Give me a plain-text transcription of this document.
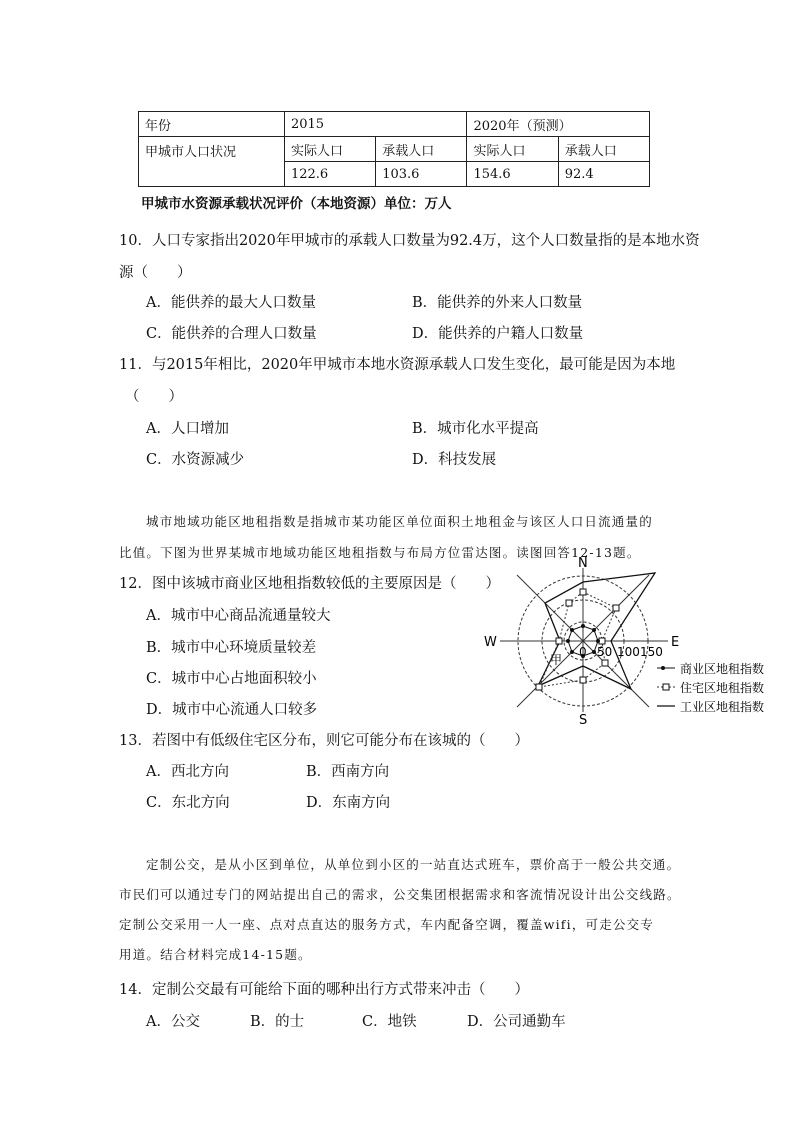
年份	2015		2020年（预测）	
甲城市人口状况	实际人口	承载人口	实际人口	承载人口
	122.6	103.6	154.6	92.4
甲城市水资源承载状况评价（本地资源）单位：万人
10．人口专家指出2020年甲城市的承载人口数量为92.4万，这个人口数量指的是本地水资
源（　　）
A．能供养的最大人口数量	B．能供养的外来人口数量
C．能供养的合理人口数量	D．能供养的户籍人口数量
11．与2015年相比，2020年甲城市本地水资源承载人口发生变化，最可能是因为本地
（　　）
A．人口增加	B．城市化水平提高
C．水资源减少	D．科技发展
城市地域功能区地租指数是指城市某功能区单位面积土地租金与该区人口日流通量的
比值。下图为世界某城市地域功能区地租指数与布局方位雷达图。读图回答12-13题。
12．图中该城市商业区地租指数较低的主要原因是（　　）
A．城市中心商品流通量较大
B．城市中心环境质量较差
C．城市中心占地面积较小
D．城市中心流通人口较多
N
S
E
W
0 50 100 150
甲
商业区地租指数
住宅区地租指数
工业区地租指数
13．若图中有低级住宅区分布，则它可能分布在该城的（　　）
A．西北方向	B．西南方向
C．东北方向	D．东南方向
定制公交，是从小区到单位，从单位到小区的一站直达式班车，票价高于一般公共交通。
市民们可以通过专门的网站提出自己的需求，公交集团根据需求和客流情况设计出公交线路。
定制公交采用一人一座、点对点直达的服务方式，车内配备空调，覆盖wifi，可走公交专
用道。结合材料完成14-15题。
14．定制公交最有可能给下面的哪种出行方式带来冲击（　　）
A．公交	B．的士	C．地铁	D．公司通勤车
